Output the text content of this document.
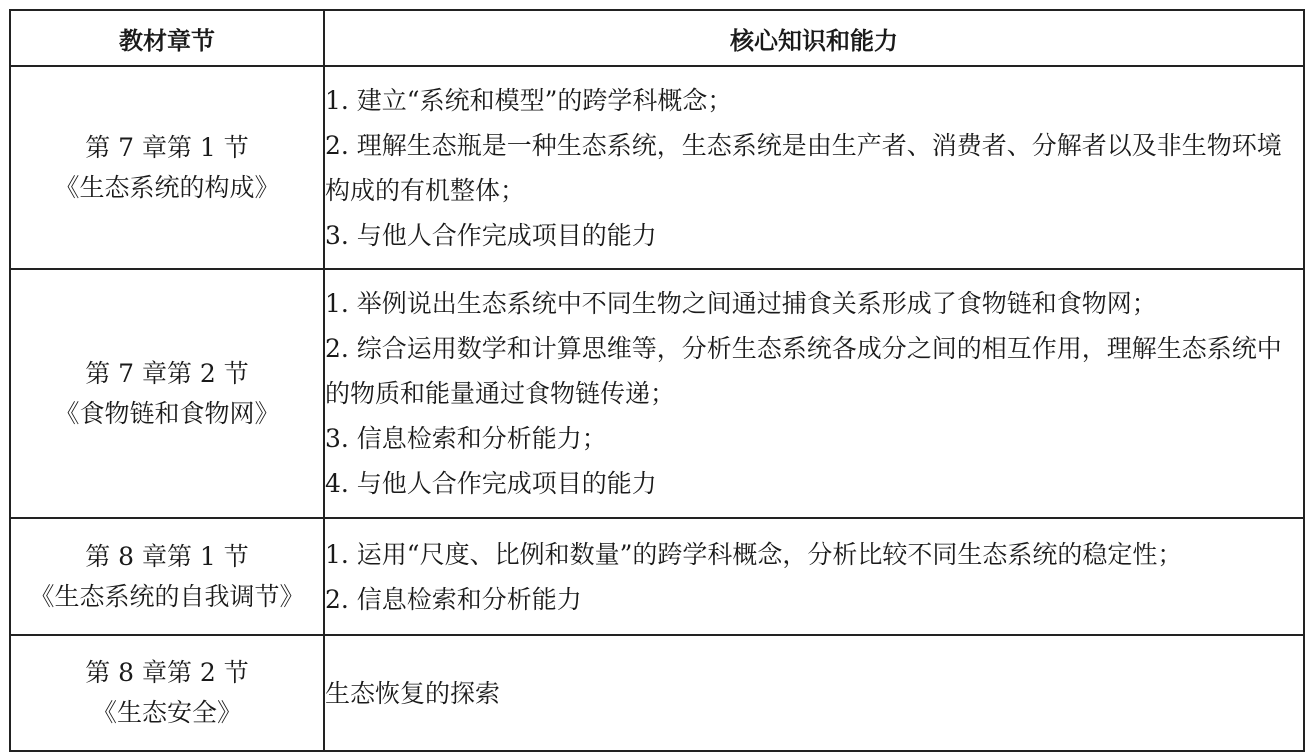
教材章节	核心知识和能力

第 7 章第 1 节
《生态系统的构成》	1. 建立“系统和模型”的跨学科概念；
2. 理解生态瓶是一种生态系统，生态系统是由生产者、消费者、分解者以及非生物环境构成的有机整体；
3. 与他人合作完成项目的能力

第 7 章第 2 节
《食物链和食物网》	1. 举例说出生态系统中不同生物之间通过捕食关系形成了食物链和食物网；
2. 综合运用数学和计算思维等，分析生态系统各成分之间的相互作用，理解生态系统中的物质和能量通过食物链传递；
3. 信息检索和分析能力；
4. 与他人合作完成项目的能力

第 8 章第 1 节
《生态系统的自我调节》	1. 运用“尺度、比例和数量”的跨学科概念，分析比较不同生态系统的稳定性；
2. 信息检索和分析能力

第 8 章第 2 节
《生态安全》	生态恢复的探索
